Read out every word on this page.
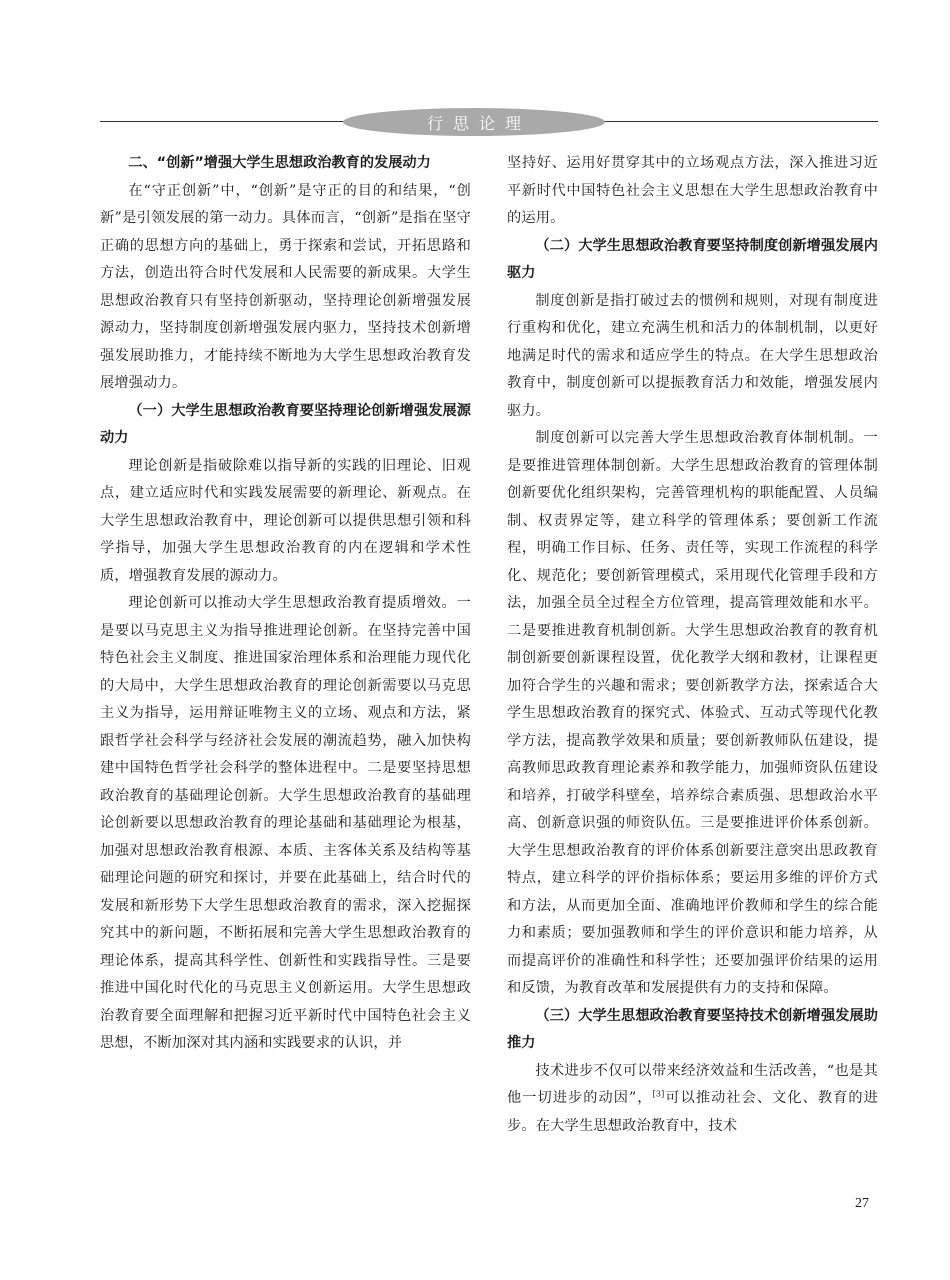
行思论理

二、“创新”增强大学生思想政治教育的发展动力

在“守正创新”中，“创新”是守正的目的和结果，“创新”是引领发展的第一动力。具体而言，“创新”是指在坚守正确的思想方向的基础上，勇于探索和尝试，开拓思路和方法，创造出符合时代发展和人民需要的新成果。大学生思想政治教育只有坚持创新驱动，坚持理论创新增强发展源动力，坚持制度创新增强发展内驱力，坚持技术创新增强发展助推力，才能持续不断地为大学生思想政治教育发展增强动力。

（一）大学生思想政治教育要坚持理论创新增强发展源动力

理论创新是指破除难以指导新的实践的旧理论、旧观点，建立适应时代和实践发展需要的新理论、新观点。在大学生思想政治教育中，理论创新可以提供思想引领和科学指导，加强大学生思想政治教育的内在逻辑和学术性质，增强教育发展的源动力。

理论创新可以推动大学生思想政治教育提质增效。一是要以马克思主义为指导推进理论创新。在坚持完善中国特色社会主义制度、推进国家治理体系和治理能力现代化的大局中，大学生思想政治教育的理论创新需要以马克思主义为指导，运用辩证唯物主义的立场、观点和方法，紧跟哲学社会科学与经济社会发展的潮流趋势，融入加快构建中国特色哲学社会科学的整体进程中。二是要坚持思想政治教育的基础理论创新。大学生思想政治教育的基础理论创新要以思想政治教育的理论基础和基础理论为根基，加强对思想政治教育根源、本质、主客体关系及结构等基础理论问题的研究和探讨，并要在此基础上，结合时代的发展和新形势下大学生思想政治教育的需求，深入挖掘探究其中的新问题，不断拓展和完善大学生思想政治教育的理论体系，提高其科学性、创新性和实践指导性。三是要推进中国化时代化的马克思主义创新运用。大学生思想政治教育要全面理解和把握习近平新时代中国特色社会主义思想，不断加深对其内涵和实践要求的认识，并

坚持好、运用好贯穿其中的立场观点方法，深入推进习近平新时代中国特色社会主义思想在大学生思想政治教育中的运用。

（二）大学生思想政治教育要坚持制度创新增强发展内驱力

制度创新是指打破过去的惯例和规则，对现有制度进行重构和优化，建立充满生机和活力的体制机制，以更好地满足时代的需求和适应学生的特点。在大学生思想政治教育中，制度创新可以提振教育活力和效能，增强发展内驱力。

制度创新可以完善大学生思想政治教育体制机制。一是要推进管理体制创新。大学生思想政治教育的管理体制创新要优化组织架构，完善管理机构的职能配置、人员编制、权责界定等，建立科学的管理体系；要创新工作流程，明确工作目标、任务、责任等，实现工作流程的科学化、规范化；要创新管理模式，采用现代化管理手段和方法，加强全员全过程全方位管理，提高管理效能和水平。二是要推进教育机制创新。大学生思想政治教育的教育机制创新要创新课程设置，优化教学大纲和教材，让课程更加符合学生的兴趣和需求；要创新教学方法，探索适合大学生思想政治教育的探究式、体验式、互动式等现代化教学方法，提高教学效果和质量；要创新教师队伍建设，提高教师思政教育理论素养和教学能力，加强师资队伍建设和培养，打破学科壁垒，培养综合素质强、思想政治水平高、创新意识强的师资队伍。三是要推进评价体系创新。大学生思想政治教育的评价体系创新要注意突出思政教育特点，建立科学的评价指标体系；要运用多维的评价方式和方法，从而更加全面、准确地评价教师和学生的综合能力和素质；要加强教师和学生的评价意识和能力培养，从而提高评价的准确性和科学性；还要加强评价结果的运用和反馈，为教育改革和发展提供有力的支持和保障。

（三）大学生思想政治教育要坚持技术创新增强发展助推力

技术进步不仅可以带来经济效益和生活改善，“也是其他一切进步的动因”，[3]可以推动社会、文化、教育的进步。在大学生思想政治教育中，技术

27
